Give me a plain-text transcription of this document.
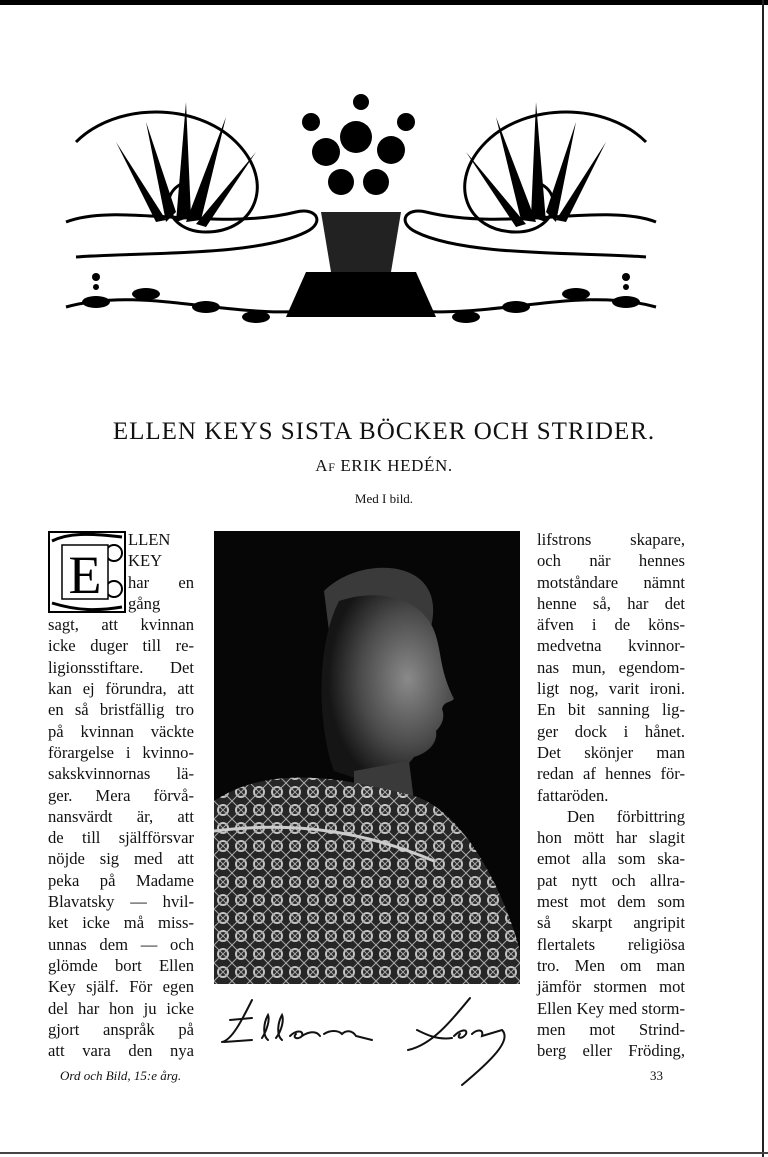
ELLEN KEYS SISTA BÖCKER OCH STRIDER.
AF ERIK HEDÉN.
Med I bild.
E
LLEN
KEY
har en
gång
sagt, att kvinnan
icke duger till re-
ligionsstiftare. Det
kan ej förundra, att
en så bristfällig tro
på kvinnan väckte
förargelse i kvinno-
sakskvinnornas lä-
ger. Mera förvå-
nansvärdt är, att
de till själfförsvar
nöjde sig med att
peka på Madame
Blavatsky — hvil-
ket icke må miss-
unnas dem — och
glömde bort Ellen
Key själf. För egen
del har hon ju icke
gjort anspråk på
att vara den nya
lifstrons skapare,
och när hennes
motståndare nämnt
henne så, har det
äfven i de köns-
medvetna kvinnor-
nas mun, egendom-
ligt nog, varit ironi.
En bit sanning lig-
ger dock i hånet.
Det skönjer man
redan af hennes för-
fattaröden.
Den förbittring
hon mött har slagit
emot alla som ska-
pat nytt och allra-
mest mot dem som
så skarpt angripit
flertalets religiösa
tro. Men om man
jämför stormen mot
Ellen Key med storm-
men mot Strind-
berg eller Fröding,
Ord och Bild, 15:e årg.	33
